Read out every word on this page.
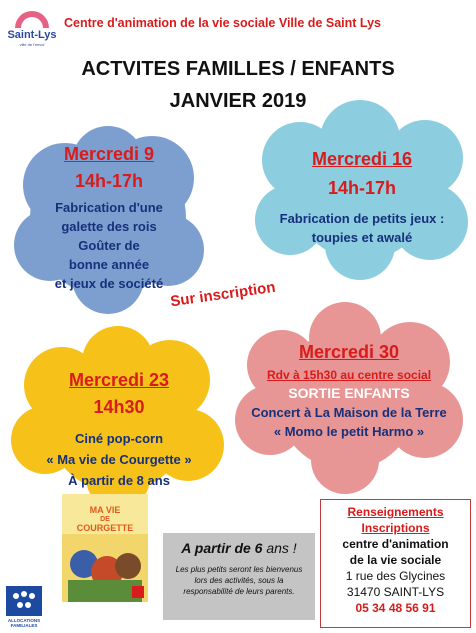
Saint-Lys
ville de l'envol
Centre d'animation de la vie sociale Ville de Saint Lys
ACTVITES FAMILLES / ENFANTS
JANVIER 2019
Mercredi 9
14h-17h
Fabrication d'une
galette des rois
Goûter de
bonne année
et jeux de société
Mercredi 16
14h-17h
Fabrication de petits jeux :
toupies et awalé
Sur inscription
Mercredi 30
Rdv à 15h30 au centre social
SORTIE ENFANTS
Concert à La Maison de la Terre
« Momo le petit Harmo »
Mercredi 23
14h30
Ciné pop-corn
« Ma vie de Courgette »
À partir de 8 ans
MA VIE
DE
COURGETTE
A partir de 6 ans !
Les plus petits seront les bienvenus lors des activités, sous la responsabilité de leurs parents.
Renseignements
Inscriptions
centre d'animation
de la vie sociale
1 rue des Glycines
31470 SAINT-LYS
05 34 48 56 91
ALLOCATIONS
FAMILIALES
